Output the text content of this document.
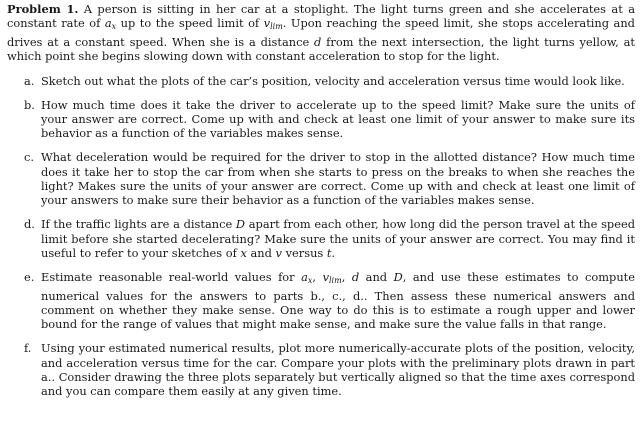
Problem 1. A person is sitting in her car at a stoplight. The light turns green and she accelerates at a constant rate of $a_x$ up to the speed limit of $v_{lim}$. Upon reaching the speed limit, she stops accelerating and drives at a constant speed. When she is a distance d from the next intersection, the light turns yellow, at which point she begins slowing down with constant acceleration to stop for the light.

a. Sketch out what the plots of the car’s position, velocity and acceleration versus time would look like.
b. How much time does it take the driver to accelerate up to the speed limit? Make sure the units of your answer are correct. Come up with and check at least one limit of your answer to make sure its behavior as a function of the variables makes sense.
c. What deceleration would be required for the driver to stop in the allotted distance? How much time does it take her to stop the car from when she starts to press on the breaks to when she reaches the light? Makes sure the units of your answer are correct. Come up with and check at least one limit of your answers to make sure their behavior as a function of the variables makes sense.
d. If the traffic lights are a distance D apart from each other, how long did the person travel at the speed limit before she started decelerating? Make sure the units of your answer are correct. You may find it useful to refer to your sketches of x and v versus t.
e. Estimate reasonable real-world values for $a_x$, $v_{lim}$, d and D, and use these estimates to compute numerical values for the answers to parts b., c., d.. Then assess these numerical answers and comment on whether they make sense. One way to do this is to estimate a rough upper and lower bound for the range of values that might make sense, and make sure the value falls in that range.
f. Using your estimated numerical results, plot more numerically-accurate plots of the position, velocity, and acceleration versus time for the car. Compare your plots with the preliminary plots drawn in part a.. Consider drawing the three plots separately but vertically aligned so that the time axes correspond and you can compare them easily at any given time.
